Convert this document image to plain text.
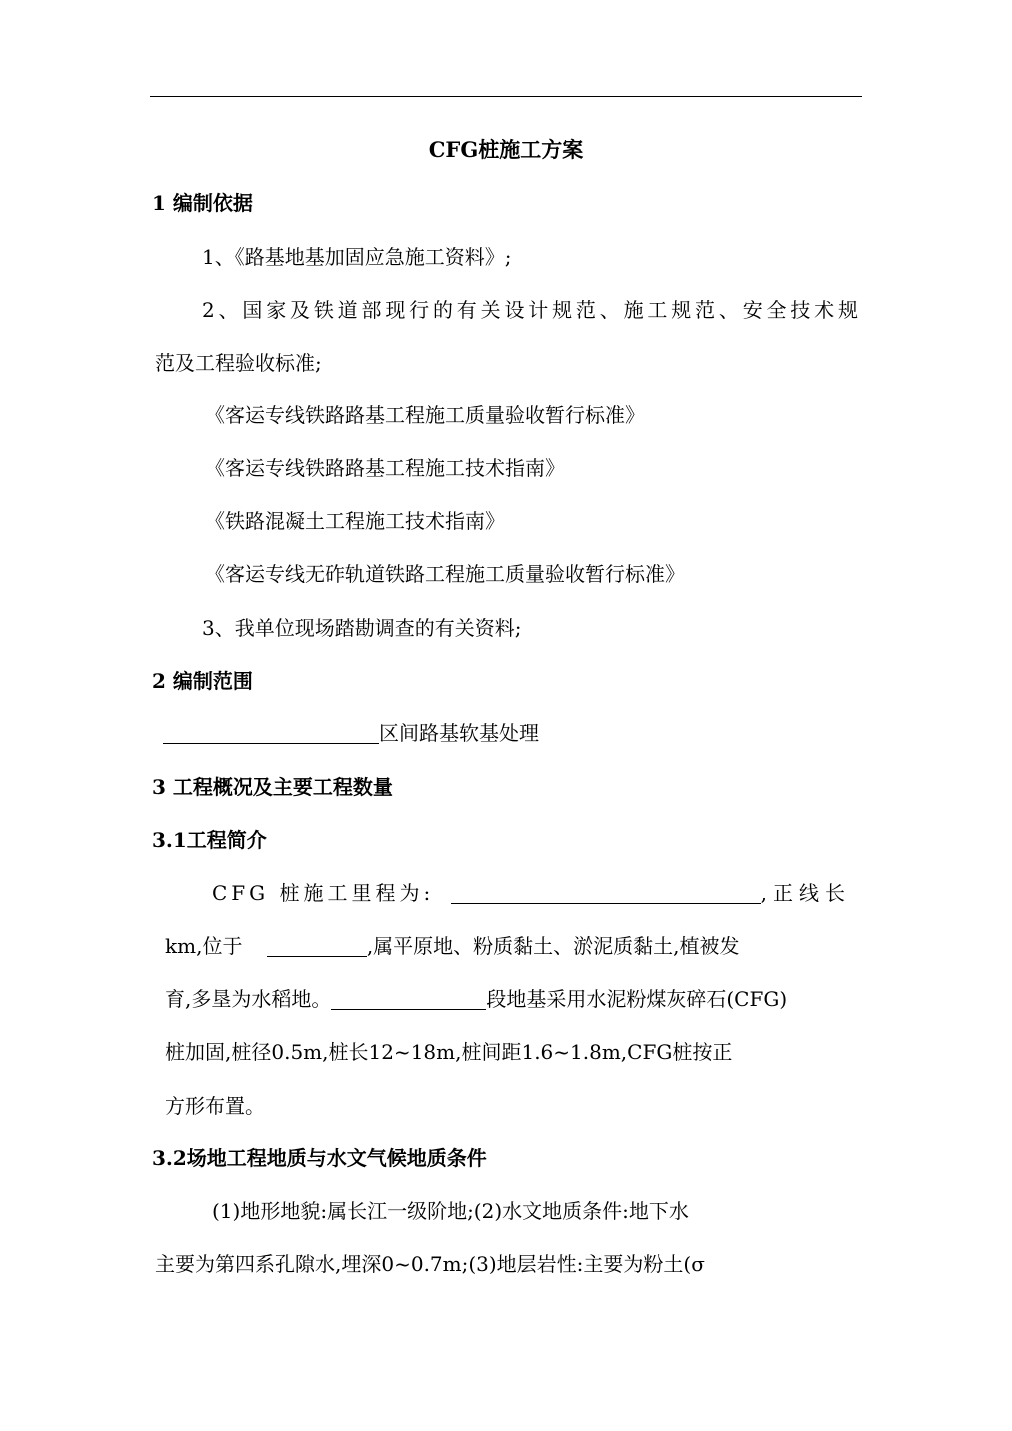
CFG桩施工方案
1 编制依据
1、《路基地基加固应急施工资料》;
2、国家及铁道部现行的有关设计规范、施工规范、安全技术规
范及工程验收标准;
《客运专线铁路路基工程施工质量验收暂行标准》
《客运专线铁路路基工程施工技术指南》
《铁路混凝土工程施工技术指南》
《客运专线无砟轨道铁路工程施工质量验收暂行标准》
3、我单位现场踏勘调查的有关资料;
2 编制范围
区间路基软基处理
3 工程概况及主要工程数量
3.1工程简介
CFG 桩施工里程为:	,正线长
km,位于	,属平原地、粉质黏土、淤泥质黏土,植被发
育,多垦为水稻地。	段地基采用水泥粉煤灰碎石(CFG)
桩加固,桩径0.5m,桩长12~18m,桩间距1.6~1.8m,CFG桩按正
方形布置。
3.2场地工程地质与水文气候地质条件
(1)地形地貌:属长江一级阶地;(2)水文地质条件:地下水
主要为第四系孔隙水,埋深0~0.7m;(3)地层岩性:主要为粉土(σ
